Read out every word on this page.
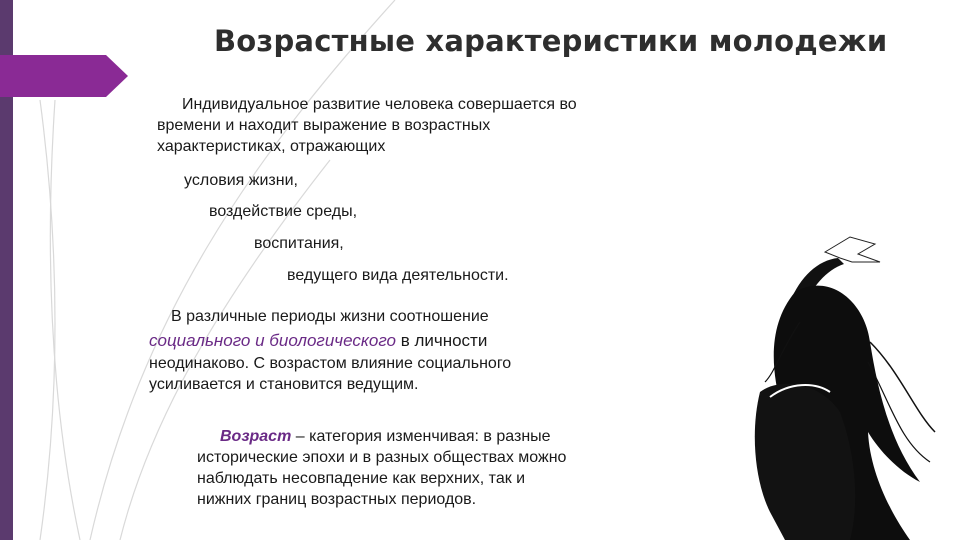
Возрастные характеристики молодежи
Индивидуальное развитие человека совершается во
времени и находит выражение в возрастных
характеристиках, отражающих
условия жизни,
воздействие среды,
воспитания,
ведущего вида деятельности.
В различные периоды жизни соотношение
социального и биологического в личности
неодинаково. С возрастом влияние социального
усиливается и становится ведущим.
Возраст – категория изменчивая: в разные
исторические эпохи и в разных обществах можно
наблюдать несовпадение как верхних, так и
нижних границ возрастных периодов.
